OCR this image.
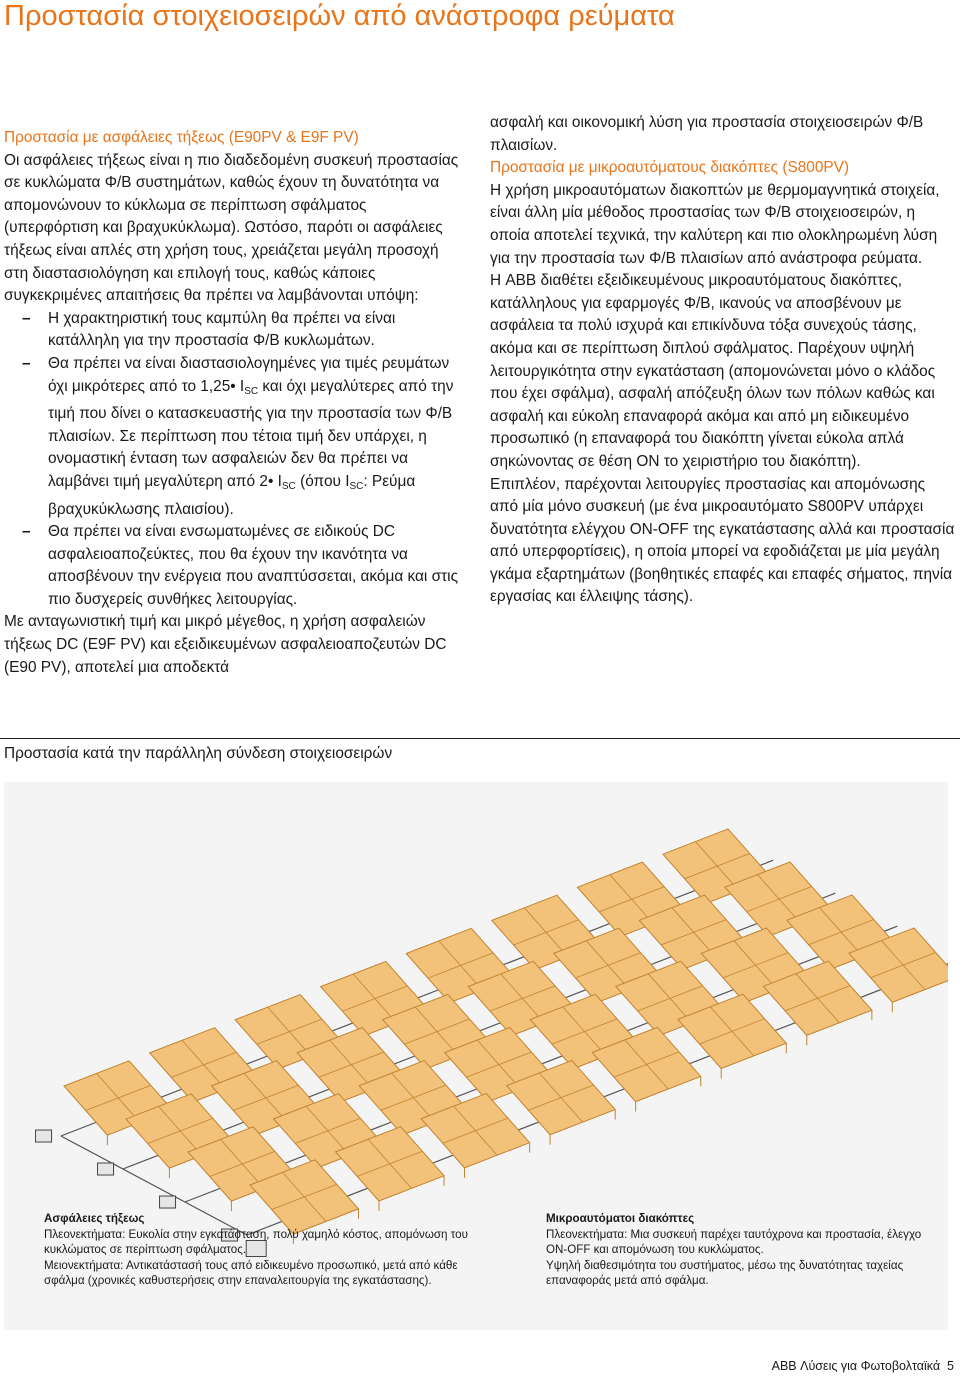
Προστασία στοιχειοσειρών από ανάστροφα ρεύματα

Προστασία με ασφάλειες τήξεως (E90PV & E9F PV)

Οι ασφάλειες τήξεως είναι η πιο διαδεδομένη συσκευή προστασίας σε κυκλώματα Φ/Β συστημάτων, καθώς έχουν τη δυνατότητα να απομονώνουν το κύκλωμα σε περίπτωση σφάλματος (υπερφόρτιση και βραχυκύκλωμα). Ωστόσο, παρότι οι ασφάλειες τήξεως είναι απλές στη χρήση τους, χρειάζεται μεγάλη προσοχή στη διαστασιολόγηση και επιλογή τους, καθώς κάποιες συγκεκριμένες απαιτήσεις θα πρέπει να λαμβάνονται υπόψη:

– Η χαρακτηριστική τους καμπύλη θα πρέπει να είναι κατάλληλη για την προστασία Φ/Β κυκλωμάτων.

– Θα πρέπει να είναι διαστασιολογημένες για τιμές ρευμάτων όχι μικρότερες από το 1,25• $I_{SC}$ και όχι μεγαλύτερες από την τιμή που δίνει ο κατασκευαστής για την προστασία των Φ/Β πλαισίων. Σε περίπτωση που τέτοια τιμή δεν υπάρχει, η ονομαστική ένταση των ασφαλειών δεν θα πρέπει να λαμβάνει τιμή μεγαλύτερη από 2• $I_{SC}$ (όπου $I_{SC}$: Ρεύμα βραχυκύκλωσης πλαισίου).

– Θα πρέπει να είναι ενσωματωμένες σε ειδικούς DC ασφαλειοαποζεύκτες, που θα έχουν την ικανότητα να αποσβένουν την ενέργεια που αναπτύσσεται, ακόμα και στις πιο δυσχερείς συνθήκες λειτουργίας.

Με ανταγωνιστική τιμή και μικρό μέγεθος, η χρήση ασφαλειών τήξεως DC (E9F PV) και εξειδικευμένων ασφαλειοαποζευτών DC (E90 PV), αποτελεί μια αποδεκτά

ασφαλή και οικονομική λύση για προστασία στοιχειοσειρών Φ/Β πλαισίων.

Προστασία με μικροαυτόματους διακόπτες (S800PV)

Η χρήση μικροαυτόματων διακοπτών με θερμομαγνητικά στοιχεία, είναι άλλη μία μέθοδος προστασίας των Φ/Β στοιχειοσειρών, η οποία αποτελεί τεχνικά, την καλύτερη και πιο ολοκληρωμένη λύση για την προστασία των Φ/Β πλαισίων από ανάστροφα ρεύματα.

Η ABB διαθέτει εξειδικευμένους μικροαυτόματους διακόπτες, κατάλληλους για εφαρμογές Φ/Β, ικανούς να αποσβένουν με ασφάλεια τα πολύ ισχυρά και επικίνδυνα τόξα συνεχούς τάσης, ακόμα και σε περίπτωση διπλού σφάλματος. Παρέχουν υψηλή λειτουργικότητα στην εγκατάσταση (απομονώνεται μόνο ο κλάδος που έχει σφάλμα), ασφαλή απόζευξη όλων των πόλων καθώς και ασφαλή και εύκολη επαναφορά ακόμα και από μη ειδικευμένο προσωπικό (η επαναφορά του διακόπτη γίνεται εύκολα απλά σηκώνοντας σε θέση ON το χειριστήριο του διακόπτη).

Επιπλέον, παρέχονται λειτουργίες προστασίας και απομόνωσης από μία μόνο συσκευή (με ένα μικροαυτόματο S800PV υπάρχει δυνατότητα ελέγχου ON-OFF της εγκατάστασης αλλά και προστασία από υπερφορτίσεις), η οποία μπορεί να εφοδιάζεται με μία μεγάλη γκάμα εξαρτημάτων (βοηθητικές επαφές και επαφές σήματος, πηνία εργασίας και έλλειψης τάσης).

Προστασία κατά την παράλληλη σύνδεση στοιχειοσειρών
Ασφάλειες τήξεως
Πλεονεκτήματα: Ευκολία στην εγκατάσταση, πολύ χαμηλό κόστος, απομόνωση του κυκλώματος σε περίπτωση σφάλματος.
Μειονεκτήματα: Αντικατάστασή τους από ειδικευμένο προσωπικό, μετά από κάθε σφάλμα (χρονικές καθυστερήσεις στην επαναλειτουργία της εγκατάστασης).
Μικροαυτόματοι διακόπτες
Πλεονεκτήματα: Μια συσκευή παρέχει ταυτόχρονα και προστασία, έλεγχο ON-OFF και απομόνωση του κυκλώματος.
Υψηλή διαθεσιμότητα του συστήματος, μέσω της δυνατότητας ταχείας επαναφοράς μετά από σφάλμα.
ABB Λύσεις για Φωτοβολταϊκά 5
